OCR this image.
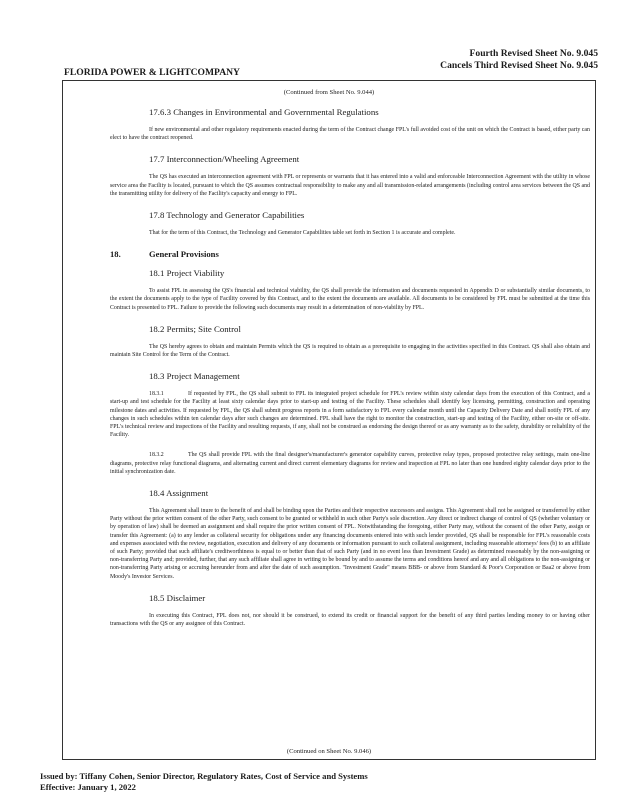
Fourth Revised Sheet No. 9.045
Cancels Third Revised Sheet No. 9.045
FLORIDA POWER & LIGHTCOMPANY
(Continued from Sheet No. 9.044)
17.6.3 Changes in Environmental and Governmental Regulations

If new environmental and other regulatory requirements enacted during the term of the Contract change FPL's full avoided cost of the unit on which the Contract is based, either party can elect to have the contract reopened.

17.7 Interconnection/Wheeling Agreement

The QS has executed an interconnection agreement with FPL or represents or warrants that it has entered into a valid and enforceable Interconnection Agreement with the utility in whose service area the Facility is located, pursuant to which the QS assumes contractual responsibility to make any and all transmission-related arrangements (including control area services between the QS and the transmitting utility for delivery of the Facility's capacity and energy to FPL.

17.8 Technology and Generator Capabilities

That for the term of this Contract, the Technology and Generator Capabilities table set forth in Section 1 is accurate and complete.

18.	General Provisions
18.1 Project Viability

To assist FPL in assessing the QS's financial and technical viability, the QS shall provide the information and documents requested in Appendix D or substantially similar documents, to the extent the documents apply to the type of Facility covered by this Contract, and to the extent the documents are available. All documents to be considered by FPL must be submitted at the time this Contract is presented to FPL. Failure to provide the following such documents may result in a determination of non-viability by FPL.

18.2 Permits; Site Control

The QS hereby agrees to obtain and maintain Permits which the QS is required to obtain as a prerequisite to engaging in the activities specified in this Contract. QS shall also obtain and maintain Site Control for the Term of the Contract.

18.3 Project Management

18.3.1	If requested by FPL, the QS shall submit to FPL its integrated project schedule for FPL's review within sixty calendar days from the execution of this Contract, and a start-up and test schedule for the Facility at least sixty calendar days prior to start-up and testing of the Facility. These schedules shall identify key licensing, permitting, construction and operating milestone dates and activities. If requested by FPL, the QS shall submit progress reports in a form satisfactory to FPL every calendar month until the Capacity Delivery Date and shall notify FPL of any changes in such schedules within ten calendar days after such changes are determined. FPL shall have the right to monitor the construction, start-up and testing of the Facility, either on-site or off-site. FPL's technical review and inspections of the Facility and resulting requests, if any, shall not be construed as endorsing the design thereof or as any warranty as to the safety, durability or reliability of the Facility.

18.3.2	The QS shall provide FPL with the final designer's/manufacturer's generator capability curves, protective relay types, proposed protective relay settings, main one-line diagrams, protective relay functional diagrams, and alternating current and direct current elementary diagrams for review and inspection at FPL no later than one hundred eighty calendar days prior to the initial synchronization date.

18.4 Assignment

This Agreement shall inure to the benefit of and shall be binding upon the Parties and their respective successors and assigns. This Agreement shall not be assigned or transferred by either Party without the prior written consent of the other Party, such consent to be granted or withheld in such other Party's sole discretion. Any direct or indirect change of control of QS (whether voluntary or by operation of law) shall be deemed an assignment and shall require the prior written consent of FPL. Notwithstanding the foregoing, either Party may, without the consent of the other Party, assign or transfer this Agreement: (a) to any lender as collateral security for obligations under any financing documents entered into with such lender provided, QS shall be responsible for FPL's reasonable costs and expenses associated with the review, negotiation, execution and delivery of any documents or information pursuant to such collateral assignment, including reasonable attorneys' fees (b) to an affiliate of such Party; provided that such affiliate's creditworthiness is equal to or better than that of such Party (and in no event less than Investment Grade) as determined reasonably by the non-assigning or non-transferring Party and; provided, further, that any such affiliate shall agree in writing to be bound by and to assume the terms and conditions hereof and any and all obligations to the non-assigning or non-transferring Party arising or accruing hereunder from and after the date of such assumption. "Investment Grade" means BBB- or above from Standard & Poor's Corporation or Baa2 or above from Moody's Investor Services.

18.5 Disclaimer

In executing this Contract, FPL does not, nor should it be construed, to extend its credit or financial support for the benefit of any third parties lending money to or having other transactions with the QS or any assignee of this Contract.

(Continued on Sheet No. 9.046)
Issued by: Tiffany Cohen, Senior Director, Regulatory Rates, Cost of Service and Systems
Effective: January 1, 2022
